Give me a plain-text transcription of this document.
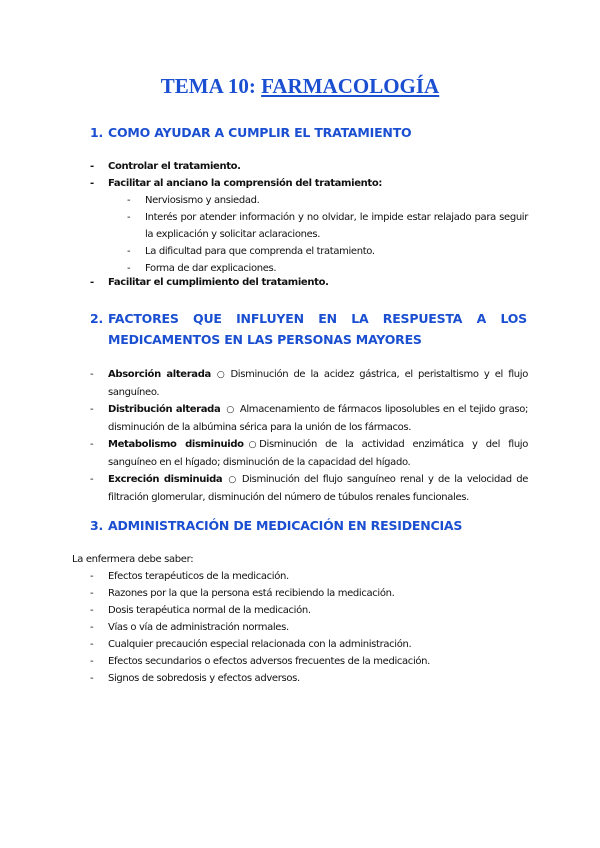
TEMA 10: FARMACOLOGÍA
1. COMO AYUDAR A CUMPLIR EL TRATAMIENTO
- Controlar el tratamiento.
- Facilitar al anciano la comprensión del tratamiento:
- Nerviosismo y ansiedad.
- Interés por atender información y no olvidar, le impide estar relajado para seguir la explicación y solicitar aclaraciones.
- La dificultad para que comprenda el tratamiento.
- Forma de dar explicaciones.
- Facilitar el cumplimiento del tratamiento.
2. FACTORES QUE INFLUYEN EN LA RESPUESTA A LOS
MEDICAMENTOS EN LAS PERSONAS MAYORES
- Absorción alterada ○ Disminución de la acidez gástrica, el peristaltismo y el flujo sanguíneo.
- Distribución alterada ○ Almacenamiento de fármacos liposolubles en el tejido graso; disminución de la albúmina sérica para la unión de los fármacos.
- Metabolismo disminuido ○ Disminución de la actividad enzimática y del flujo sanguíneo en el hígado; disminución de la capacidad del hígado.
- Excreción disminuida ○ Disminución del flujo sanguíneo renal y de la velocidad de filtración glomerular, disminución del número de túbulos renales funcionales.
3. ADMINISTRACIÓN DE MEDICACIÓN EN RESIDENCIAS
La enfermera debe saber:
- Efectos terapéuticos de la medicación.
- Razones por la que la persona está recibiendo la medicación.
- Dosis terapéutica normal de la medicación.
- Vías o vía de administración normales.
- Cualquier precaución especial relacionada con la administración.
- Efectos secundarios o efectos adversos frecuentes de la medicación.
- Signos de sobredosis y efectos adversos.
